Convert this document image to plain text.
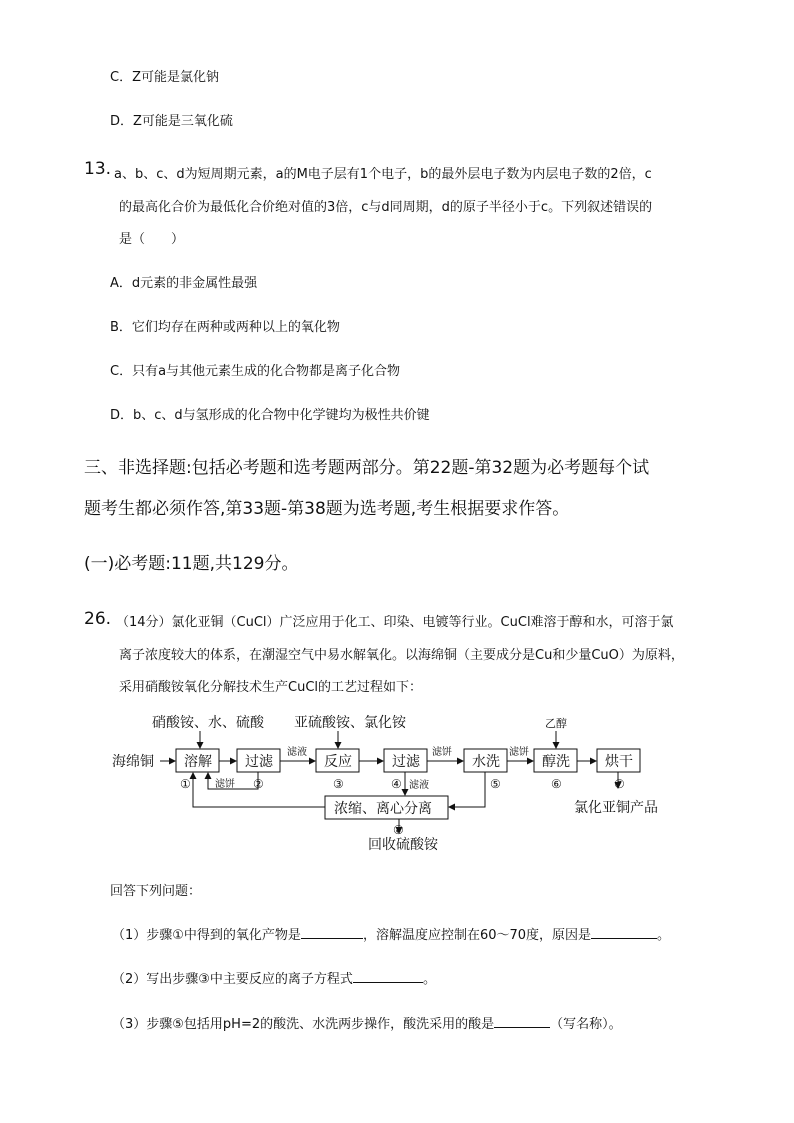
C．Z可能是氯化钠
D．Z可能是三氧化硫
13. a、b、c、d为短周期元素，a的M电子层有1个电子，b的最外层电子数为内层电子数的2倍，c
的最高化合价为最低化合价绝对值的3倍，c与d同周期，d的原子半径小于c。下列叙述错误的
是（　　）
A．d元素的非金属性最强
B．它们均存在两种或两种以上的氧化物
C．只有a与其他元素生成的化合物都是离子化合物
D．b、c、d与氢形成的化合物中化学键均为极性共价键
三、非选择题:包括必考题和选考题两部分。第22题-第32题为必考题每个试
题考生都必须作答,第33题-第38题为选考题,考生根据要求作答。
(一)必考题:11题,共129分。
26. （14分）氯化亚铜（CuCl）广泛应用于化工、印染、电镀等行业。CuCl难溶于醇和水，可溶于氯
离子浓度较大的体系，在潮湿空气中易水解氧化。以海绵铜（主要成分是Cu和少量CuO）为原料，
采用硝酸铵氧化分解技术生产CuCl的工艺过程如下：
硝酸铵、水、硫酸 亚硫酸铵、氯化铵	乙醇
海绵铜 溶解 过滤	反应	过滤	水洗	醇洗	烘干
浓缩、离心分离
滤液
滤饼
滤饼	滤饼
滤液
①	②	③	④	⑤	⑥	⑦
⑧
氯化亚铜产品
回收硫酸铵
回答下列问题：
（1）步骤①中得到的氧化产物是	，溶解温度应控制在60～70度，原因是	。
（2）写出步骤③中主要反应的离子方程式	。
（3）步骤⑤包括用pH=2的酸洗、水洗两步操作，酸洗采用的酸是	（写名称）。
